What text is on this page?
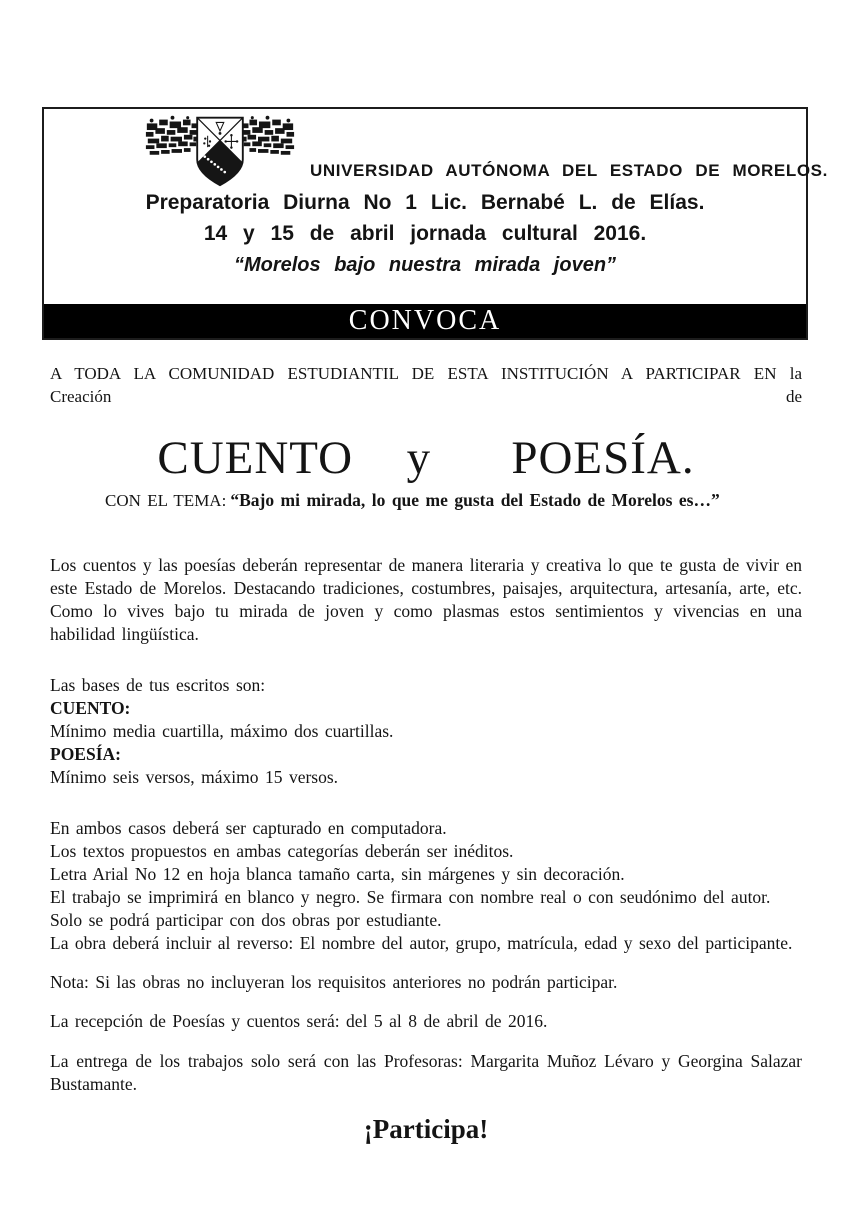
UNIVERSIDAD AUTÓNOMA DEL ESTADO DE MORELOS.
Preparatoria Diurna No 1 Lic. Bernabé L. de Elías.
14 y 15 de abril jornada cultural 2016.
“Morelos bajo nuestra mirada joven”
CONVOCA

A TODA LA COMUNIDAD ESTUDIANTIL DE ESTA INSTITUCIÓN A PARTICIPAR EN la Creación de

CUENTO  y   POESÍA.

CON EL TEMA: “Bajo mi mirada, lo que me gusta del Estado de Morelos es…”

Los cuentos y las poesías deberán representar de manera literaria y creativa lo que te gusta de vivir en este Estado de Morelos. Destacando tradiciones, costumbres, paisajes, arquitectura, artesanía, arte, etc. Como lo vives bajo tu mirada de joven y como plasmas estos sentimientos y vivencias en una habilidad lingüística.

Las bases de tus escritos son:

CUENTO:

Mínimo media cuartilla, máximo dos cuartillas.

POESÍA:

Mínimo seis versos, máximo 15 versos.

En ambos casos deberá ser capturado en computadora.

Los textos propuestos en ambas categorías deberán ser inéditos.

Letra Arial No 12 en hoja blanca tamaño carta, sin márgenes y sin decoración.

El trabajo se imprimirá en blanco y negro. Se firmara con nombre real o con seudónimo del autor.

Solo se podrá participar con dos obras por estudiante.

La obra deberá incluir al reverso: El nombre del autor, grupo, matrícula, edad y sexo del participante.

Nota: Si las obras no incluyeran los requisitos anteriores no podrán participar.

La recepción de Poesías y cuentos será: del 5 al 8 de abril de 2016.

La entrega de los trabajos solo será con las Profesoras: Margarita Muñoz Lévaro y Georgina Salazar Bustamante.

¡Participa!
